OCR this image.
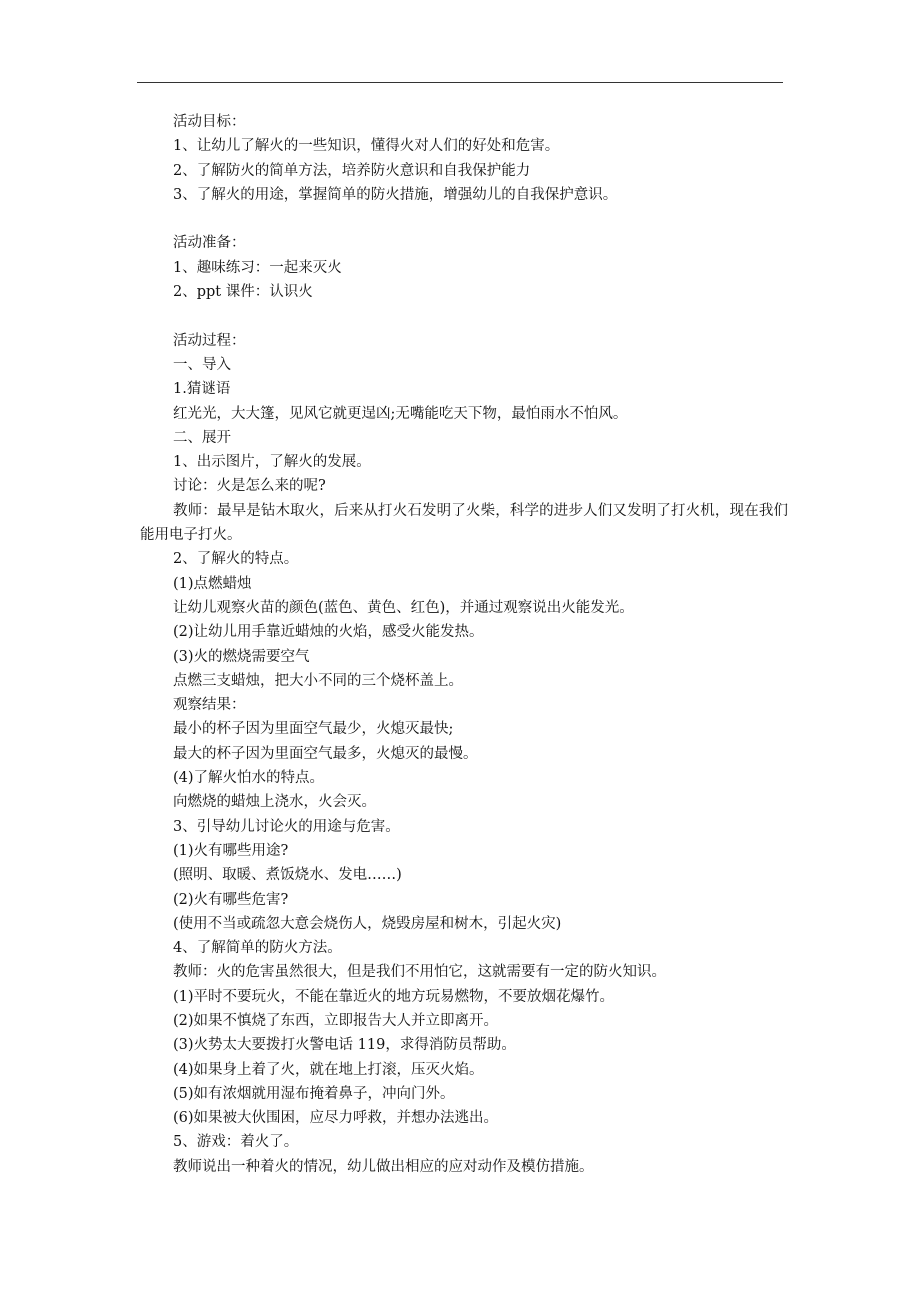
活动目标：

1、让幼儿了解火的一些知识，懂得火对人们的好处和危害。

2、了解防火的简单方法，培养防火意识和自我保护能力

3、了解火的用途，掌握简单的防火措施，增强幼儿的自我保护意识。

活动准备：

1、趣味练习：一起来灭火

2、ppt 课件：认识火

活动过程：

一、导入

1.猜谜语

红光光，大大篷，见风它就更逞凶;无嘴能吃天下物，最怕雨水不怕风。

二、展开

1、出示图片，了解火的发展。

讨论：火是怎么来的呢?

教师：最早是钻木取火，后来从打火石发明了火柴，科学的进步人们又发明了打火机，现在我们能用电子打火。

2、了解火的特点。

(1)点燃蜡烛

让幼儿观察火苗的颜色(蓝色、黄色、红色)，并通过观察说出火能发光。

(2)让幼儿用手靠近蜡烛的火焰，感受火能发热。

(3)火的燃烧需要空气

点燃三支蜡烛，把大小不同的三个烧杯盖上。

观察结果：

最小的杯子因为里面空气最少，火熄灭最快;

最大的杯子因为里面空气最多，火熄灭的最慢。

(4)了解火怕水的特点。

向燃烧的蜡烛上浇水，火会灭。

3、引导幼儿讨论火的用途与危害。

(1)火有哪些用途?

(照明、取暖、煮饭烧水、发电……)

(2)火有哪些危害?

(使用不当或疏忽大意会烧伤人，烧毁房屋和树木，引起火灾)

4、了解简单的防火方法。

教师：火的危害虽然很大，但是我们不用怕它，这就需要有一定的防火知识。

(1)平时不要玩火，不能在靠近火的地方玩易燃物，不要放烟花爆竹。

(2)如果不慎烧了东西，立即报告大人并立即离开。

(3)火势太大要拨打火警电话 119，求得消防员帮助。

(4)如果身上着了火，就在地上打滚，压灭火焰。

(5)如有浓烟就用湿布掩着鼻子，冲向门外。

(6)如果被大伙围困，应尽力呼救，并想办法逃出。

5、游戏：着火了。

教师说出一种着火的情况，幼儿做出相应的应对动作及模仿措施。
